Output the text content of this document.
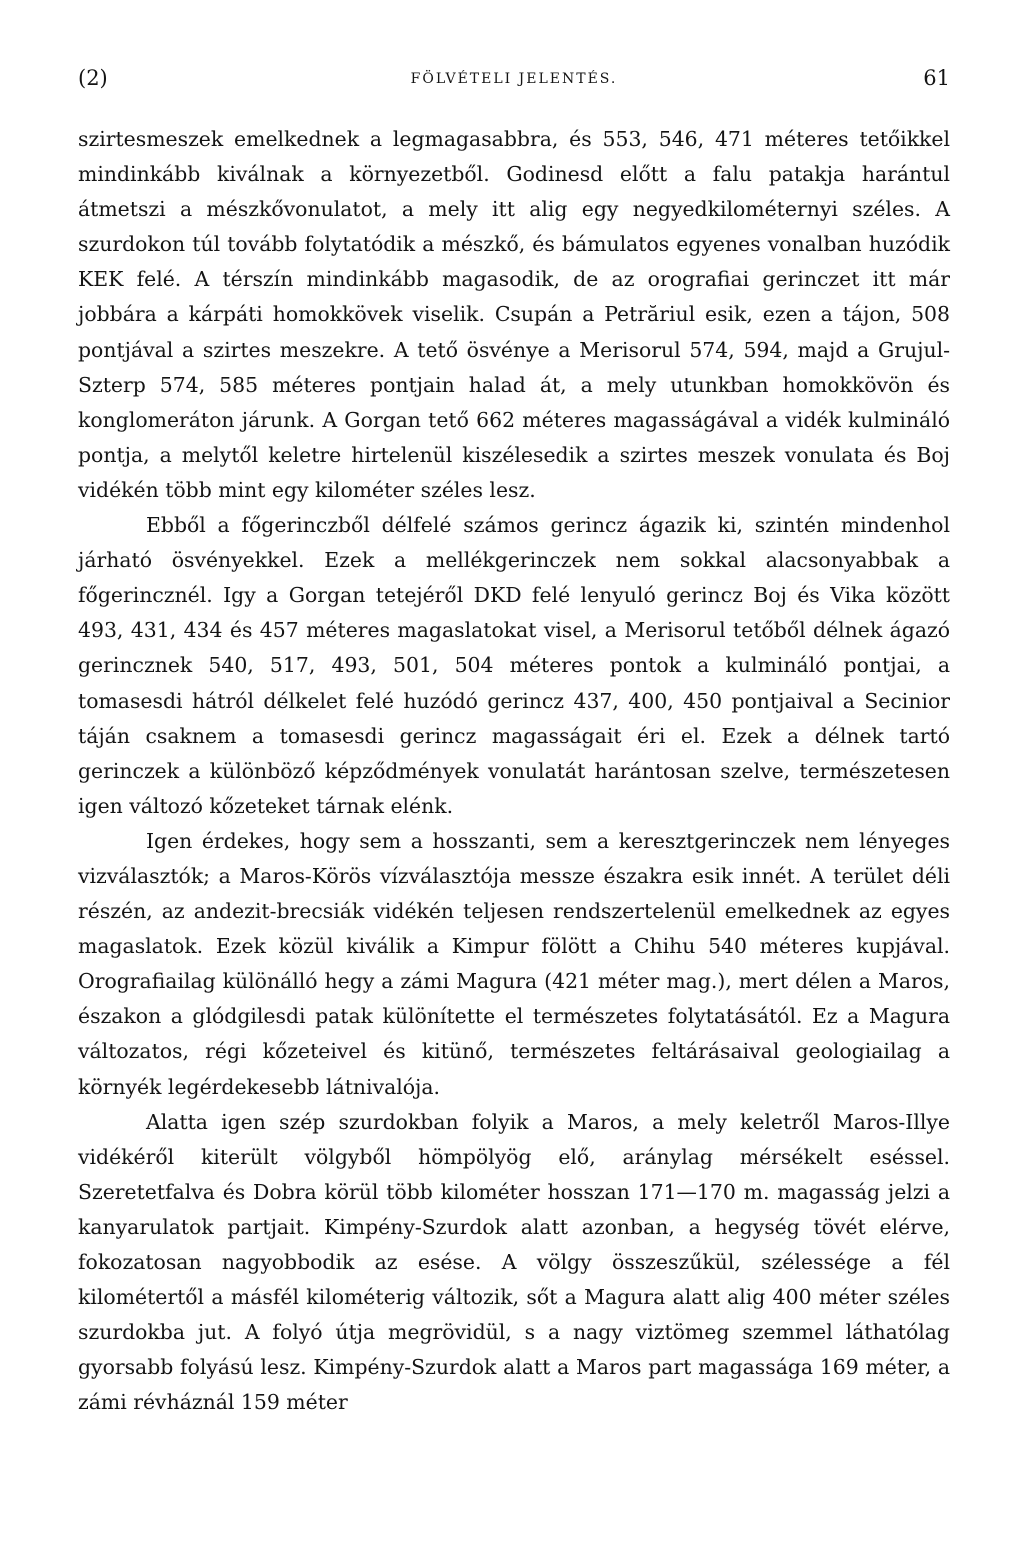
(2)	FÖLVÉTELI JELENTÉS.	61

szirtesmeszek emelkednek a legmagasabbra, és 553, 546, 471 méteres tetőikkel mindinkább kiválnak a környezetből. Godinesd előtt a falu patakja harántul átmetszi a mészkővonulatot, a mely itt alig egy negyedkilométernyi széles. A szurdokon túl tovább folytatódik a mészkő, és bámulatos egyenes vonalban huzódik KEK felé. A térszín mindinkább magasodik, de az orografiai gerinczet itt már jobbára a kárpáti homokkövek viselik. Csupán a Petrăriul esik, ezen a tájon, 508 pontjával a szirtes meszekre. A tető ösvénye a Merisorul 574, 594, majd a Grujul-Szterp 574, 585 méteres pontjain halad át, a mely utunkban homokkövön és konglomeráton járunk. A Gorgan tető 662 méteres magasságával a vidék kulmináló pontja, a melytől keletre hirtelenül kiszélesedik a szirtes meszek vonulata és Boj vidékén több mint egy kilométer széles lesz.

Ebből a főgerinczből délfelé számos gerincz ágazik ki, szintén mindenhol járható ösvényekkel. Ezek a mellékgerinczek nem sokkal alacsonyabbak a főgerincznél. Igy a Gorgan tetejéről DKD felé lenyuló gerincz Boj és Vika között 493, 431, 434 és 457 méteres magaslatokat visel, a Merisorul tetőből délnek ágazó gerincznek 540, 517, 493, 501, 504 méteres pontok a kulmináló pontjai, a tomasesdi hátról délkelet felé huzódó gerincz 437, 400, 450 pontjaival a Secinior táján csaknem a tomasesdi gerincz magasságait éri el. Ezek a délnek tartó gerinczek a különböző képződmények vonulatát harántosan szelve, természetesen igen változó kőzeteket tárnak elénk.

Igen érdekes, hogy sem a hosszanti, sem a keresztgerinczek nem lényeges vizválasztók; a Maros-Körös vízválasztója messze északra esik innét. A terület déli részén, az andezit-brecsiák vidékén teljesen rendszertelenül emelkednek az egyes magaslatok. Ezek közül kiválik a Kimpur fölött a Chihu 540 méteres kupjával. Orografiailag különálló hegy a zámi Magura (421 méter mag.), mert délen a Maros, északon a glódgilesdi patak különítette el természetes folytatásától. Ez a Magura változatos, régi kőzeteivel és kitünő, természetes feltárásaival geologiailag a környék legérdekesebb látnivalója.

Alatta igen szép szurdokban folyik a Maros, a mely keletről Maros-Illye vidékéről kiterült völgyből hömpölyög elő, aránylag mérsékelt eséssel. Szeretetfalva és Dobra körül több kilométer hosszan 171—170 m. magasság jelzi a kanyarulatok partjait. Kimpény-Szurdok alatt azonban, a hegység tövét elérve, fokozatosan nagyobbodik az esése. A völgy összeszűkül, szélessége a fél kilométertől a másfél kilométerig változik, sőt a Magura alatt alig 400 méter széles szurdokba jut. A folyó útja megrövidül, s a nagy viztömeg szemmel láthatólag gyorsabb folyású lesz. Kimpény-Szurdok alatt a Maros part magassága 169 méter, a zámi révháznál 159 méter
